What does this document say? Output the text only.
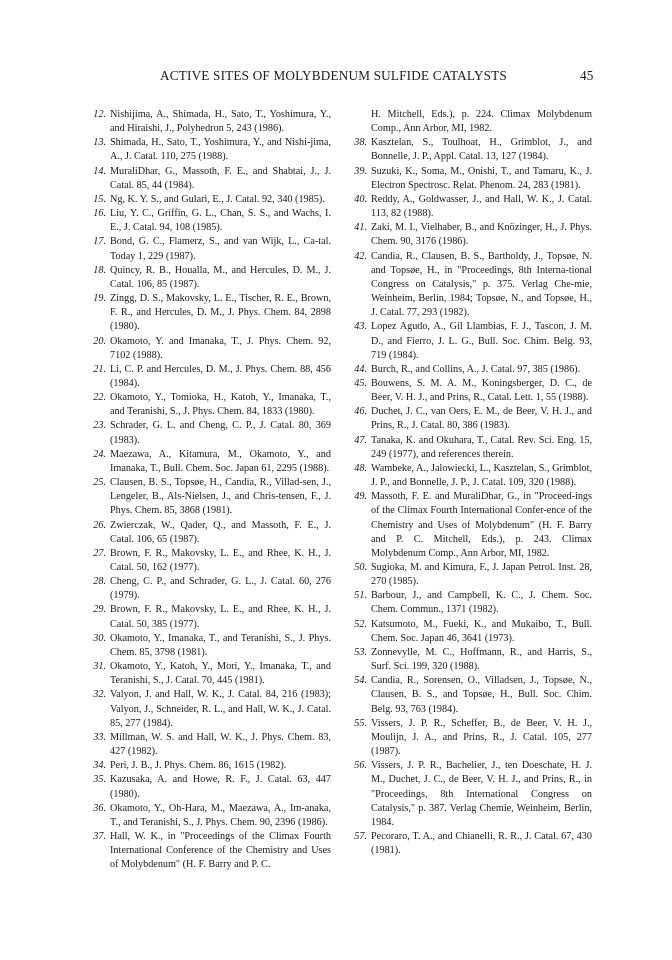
ACTIVE SITES OF MOLYBDENUM SULFIDE CATALYSTS	45
12. Nishijima, A., Shimada, H., Sato, T., Yoshimura, Y., and Hiraishi, J., Polyhedron 5, 243 (1986).
13. Shimada, H., Sato, T., Yoshimura, Y., and Nishi-jima, A., J. Catal. 110, 275 (1988).
14. MuraliDhar, G., Massoth, F. E., and Shabtai, J., J. Catal. 85, 44 (1984).
15. Ng, K. Y. S., and Gulari, E., J. Catal. 92, 340 (1985).
16. Liu, Y. C., Griffin, G. L., Chan, S. S., and Wachs, I. E., J. Catal. 94, 108 (1985).
17. Bond, G. C., Flamerz, S., and van Wijk, L., Ca-tal. Today 1, 229 (1987).
18. Quincy, R. B., Houalla, M., and Hercules, D. M., J. Catal. 106, 85 (1987).
19. Zingg, D. S., Makovsky, L. E., Tischer, R. E., Brown, F. R., and Hercules, D. M., J. Phys. Chem. 84, 2898 (1980).
20. Okamoto, Y. and Imanaka, T., J. Phys. Chem. 92, 7102 (1988).
21. Li, C. P. and Hercules, D. M., J. Phys. Chem. 88, 456 (1984).
22. Okamoto, Y., Tomioka, H., Katoh, Y., Imanaka, T., and Teranishi, S., J. Phys. Chem. 84, 1833 (1980).
23. Schrader, G. L. and Cheng, C. P., J. Catal. 80, 369 (1983).
24. Maezawa, A., Kitamura, M., Okamoto, Y., and Imanaka, T., Bull. Chem. Soc. Japan 61, 2295 (1988).
25. Clausen, B. S., Topsøe, H., Candia, R., Villad-sen, J., Lengeler, B., Als-Nielsen, J., and Chris-tensen, F., J. Phys. Chem. 85, 3868 (1981).
26. Zwierczak, W., Qader, Q., and Massoth, F. E., J. Catal. 106, 65 (1987).
27. Brown, F. R., Makovsky, L. E., and Rhee, K. H., J. Catal. 50, 162 (1977).
28. Cheng, C. P., and Schrader, G. L., J. Catal. 60, 276 (1979).
29. Brown, F. R., Makovsky, L. E., and Rhee, K. H., J. Catal. 50, 385 (1977).
30. Okamoto, Y., Imanaka, T., and Teranishi, S., J. Phys. Chem. 85, 3798 (1981).
31. Okamoto, Y., Katoh, Y., Mori, Y., Imanaka, T., and Teranishi, S., J. Catal. 70, 445 (1981).
32. Valyon, J. and Hall, W. K., J. Catal. 84, 216 (1983); Valyon, J., Schneider, R. L., and Hall, W. K., J. Catal. 85, 277 (1984).
33. Millman, W. S. and Hall, W. K., J. Phys. Chem. 83, 427 (1982).
34. Peri, J. B., J. Phys. Chem. 86, 1615 (1982).
35. Kazusaka, A. and Howe, R. F., J. Catal. 63, 447 (1980).
36. Okamoto, Y., Oh-Hara, M., Maezawa, A., Im-anaka, T., and Teranishi, S., J. Phys. Chem. 90, 2396 (1986).
37. Hall, W. K., in "Proceedings of the Climax Fourth International Conference of the Chemistry and Uses of Molybdenum" (H. F. Barry and P. C.
H. Mitchell, Eds.), p. 224. Climax Molybdenum Comp., Ann Arbor, MI, 1982.
38. Kasztelan, S., Toulhoat, H., Grimblot, J., and Bonnelle, J. P., Appl. Catal. 13, 127 (1984).
39. Suzuki, K., Soma, M., Onishi, T., and Tamaru, K., J. Electron Spectrosc. Relat. Phenom. 24, 283 (1981).
40. Reddy, A., Goldwasser, J., and Hall, W. K., J. Catal. 113, 82 (1988).
41. Zaki, M. I., Vielhaber, B., and Knözinger, H., J. Phys. Chem. 90, 3176 (1986).
42. Candia, R., Clausen, B. S., Bartholdy, J., Topsøe, N. and Topsøe, H., in "Proceedings, 8th Interna-tional Congress on Catalysis," p. 375. Verlag Che-mie, Weinheim, Berlin, 1984; Topsøe, N., and Topsøe, H., J. Catal. 77, 293 (1982).
43. Lopez Agudo, A., Gil Llambias, F. J., Tascon, J. M. D., and Fierro, J. L. G., Bull. Soc. Chim. Belg. 93, 719 (1984).
44. Burch, R., and Collins, A., J. Catal. 97, 385 (1986).
45. Bouwens, S. M. A. M., Koningsberger, D. C., de Beer, V. H. J., and Prins, R., Catal. Lett. 1, 55 (1988).
46. Duchet, J. C., van Oers, E. M., de Beer, V. H. J., and Prins, R., J. Catal. 80, 386 (1983).
47. Tanaka, K. and Okuhara, T., Catal. Rev. Sci. Eng. 15, 249 (1977), and references therein.
48. Wambeke, A., Jalowiecki, L., Kasztelan, S., Grimblot, J. P., and Bonnelle, J. P., J. Catal. 109, 320 (1988).
49. Massoth, F. E. and MuraliDhar, G., in "Proceed-ings of the Climax Fourth International Confer-ence of the Chemistry and Uses of Molybdenum" (H. F. Barry and P. C. Mitchell, Eds.), p. 243. Climax Molybdenum Comp., Ann Arbor, MI, 1982.
50. Sugioka, M. and Kimura, F., J. Japan Petrol. Inst. 28, 270 (1985).
51. Barbour, J., and Campbell, K. C., J. Chem. Soc. Chem. Commun., 1371 (1982).
52. Katsumoto, M., Fueki, K., and Mukaibo, T., Bull. Chem. Soc. Japan 46, 3641 (1973).
53. Zonnevylle, M. C., Hoffmann, R., and Harris, S., Surf. Sci. 199, 320 (1988).
54. Candia, R., Sorensen, O., Villadsen, J., Topsøe, N., Clausen, B. S., and Topsøe, H., Bull. Soc. Chim. Belg. 93, 763 (1984).
55. Vissers, J. P. R., Scheffer, B., de Beer, V. H. J., Moulijn, J. A., and Prins, R., J. Catal. 105, 277 (1987).
56. Vissers, J. P. R., Bachelier, J., ten Doeschate, H. J. M., Duchet, J. C., de Beer, V. H. J., and Prins, R., in "Proceedings, 8th International Congress on Catalysis," p. 387. Verlag Chemie, Weinheim, Berlin, 1984.
57. Pecoraro, T. A., and Chianelli, R. R., J. Catal. 67, 430 (1981).
